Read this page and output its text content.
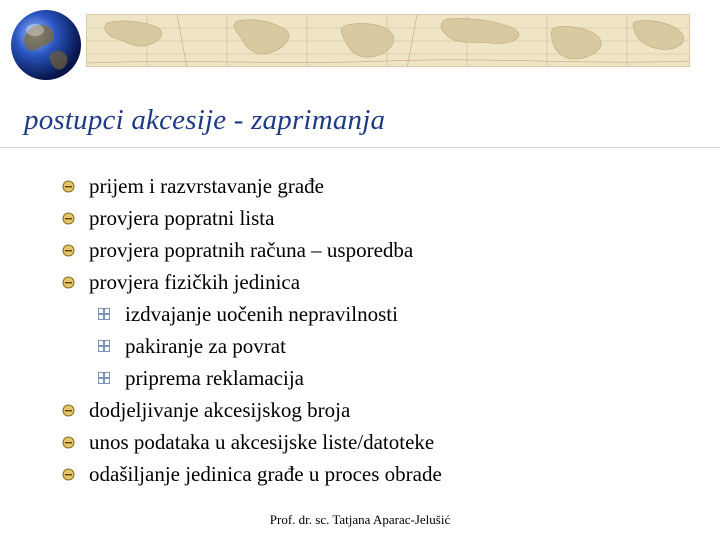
postupci akcesije - zaprimanja
prijem i razvrstavanje građe
provjera popratni lista
provjera popratnih računa – usporedba
provjera fizičkih jedinica
izdvajanje uočenih nepravilnosti
pakiranje za povrat
priprema reklamacija
dodjeljivanje akcesijskog broja
unos podataka u akcesijske liste/datoteke
odašiljanje jedinica građe u proces obrade
Prof. dr. sc. Tatjana Aparac-Jelušić
